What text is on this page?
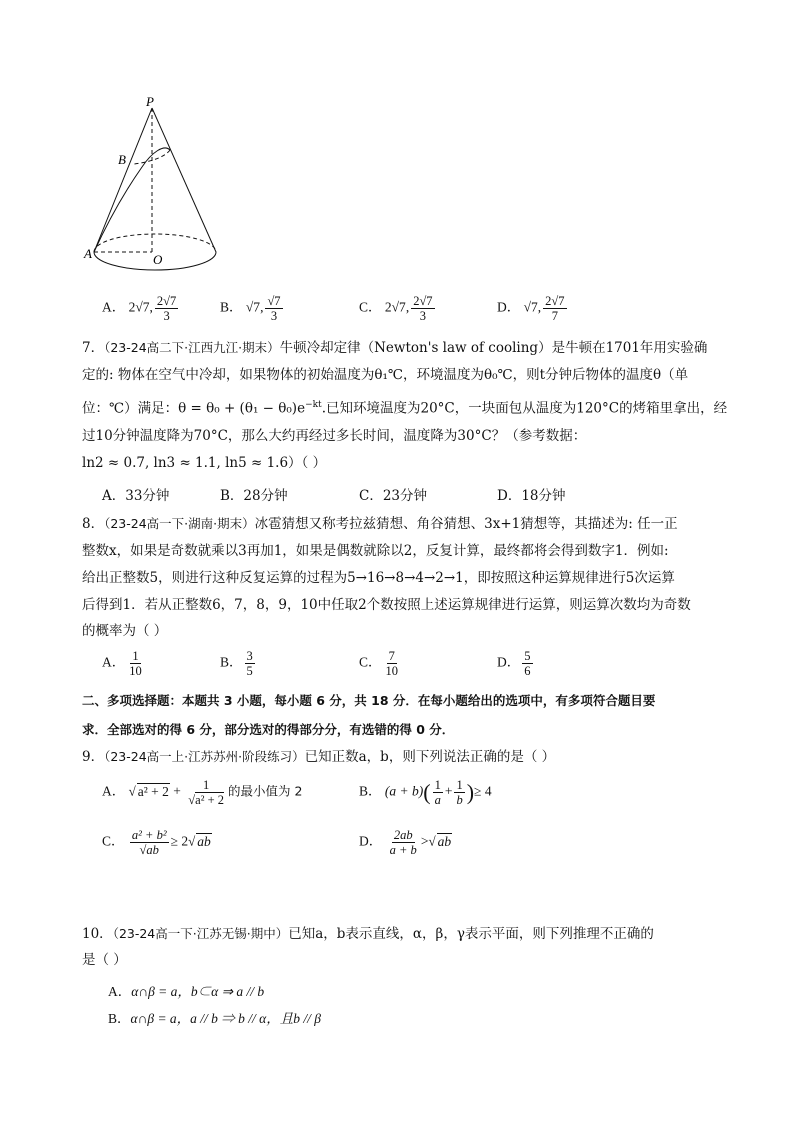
P
B
A	O
A． 2√7, $\frac{2√7}{3}$	B． √7, $\frac{√7}{3}$	C． 2√7, $\frac{2√7}{3}$	D． √7, $\frac{2√7}{7}$
7．（23-24高二下·江西九江·期末）牛顿冷却定律（Newton's law of cooling）是牛顿在1701年用实验确
定的: 物体在空气中冷却，如果物体的初始温度为θ₁℃，环境温度为θ₀℃，则t分钟后物体的温度θ（单
位：℃）满足：$\theta = \theta_0 + (\theta_1 - \theta_0)e^{-kt}$.已知环境温度为20°C，一块面包从温度为120°C的烤箱里拿出，经
过10分钟温度降为70°C，那么大约再经过多长时间，温度降为30°C？（参考数据：
ln2 ≈ 0.7, ln3 ≈ 1.1, ln5 ≈ 1.6）（ ）
A．33分钟	B．28分钟	C．23分钟	D．18分钟
8．（23-24高一下·湖南·期末）冰雹猜想又称考拉兹猜想、角谷猜想、3x+1猜想等，其描述为: 任一正
整数x，如果是奇数就乘以3再加1，如果是偶数就除以2，反复计算，最终都将会得到数字1．例如:
给出正整数5，则进行这种反复运算的过程为5→16→8→4→2→1，即按照这种运算规律进行5次运算
后得到1．若从正整数6，7，8，9，10中任取2个数按照上述运算规律进行运算，则运算次数均为奇数
的概率为（ ）
A． $\frac{1}{10}$	B． $\frac{3}{5}$	C． $\frac{7}{10}$	D． $\frac{5}{6}$
二、多项选择题：本题共 3 小题，每小题 6 分，共 18 分．在每小题给出的选项中，有多项符合题目要
求．全部选对的得 6 分，部分选对的得部分分，有选错的得 0 分．
9．（23-24高一上·江苏苏州·阶段练习）已知正数a，b，则下列说法正确的是（ ）
A． √ $a^2 + 2 + \frac{1}{\text{√a² + 2}}$ 的最小值为 2	B． $(a + b)( \frac{1}{a} + \frac{1}{b}$ )≥ 4
C． $\frac{\text{a² + b²}}{√ab} \ge 2√$ ab	D． $\frac{2ab}{a + b}$ >√ ab
10．（23-24高一下·江苏无锡·期中）已知a，b表示直线，α，β，γ表示平面，则下列推理不正确的
是（ ）
A．α∩β = a，b⊂α ⇒ a // b
B．α∩β = a，a // b ⇒ b // α，且b // β
